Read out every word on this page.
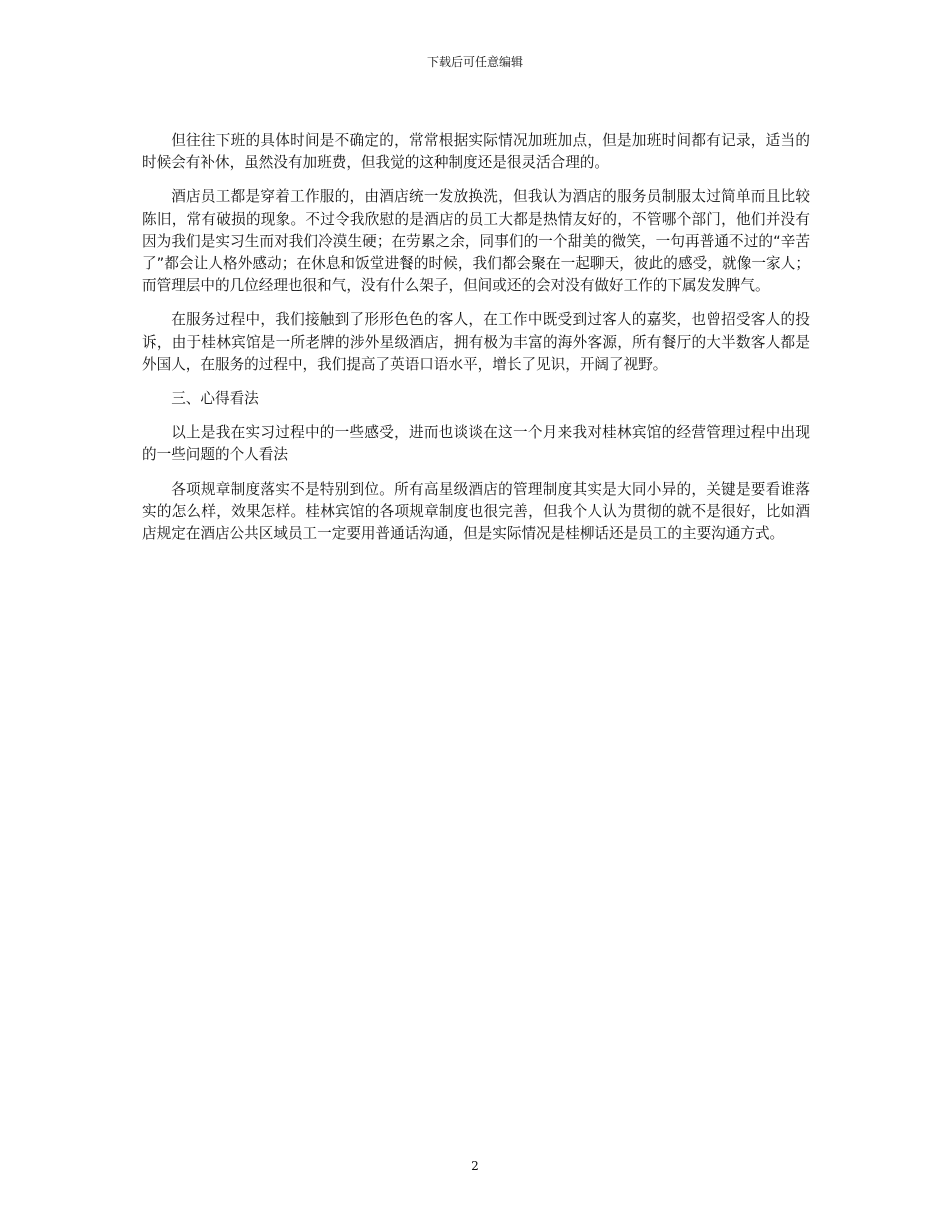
下载后可任意编辑

但往往下班的具体时间是不确定的，常常根据实际情况加班加点，但是加班时间都有记录，适当的时候会有补休，虽然没有加班费，但我觉的这种制度还是很灵活合理的。

酒店员工都是穿着工作服的，由酒店统一发放换洗，但我认为酒店的服务员制服太过简单而且比较陈旧，常有破损的现象。不过令我欣慰的是酒店的员工大都是热情友好的，不管哪个部门，他们并没有因为我们是实习生而对我们冷漠生硬；在劳累之余，同事们的一个甜美的微笑，一句再普通不过的“辛苦了”都会让人格外感动；在休息和饭堂进餐的时候，我们都会聚在一起聊天，彼此的感受，就像一家人；而管理层中的几位经理也很和气，没有什么架子，但间或还的会对没有做好工作的下属发发脾气。

在服务过程中，我们接触到了形形色色的客人，在工作中既受到过客人的嘉奖，也曾招受客人的投诉，由于桂林宾馆是一所老牌的涉外星级酒店，拥有极为丰富的海外客源，所有餐厅的大半数客人都是外国人，在服务的过程中，我们提高了英语口语水平，增长了见识，开阔了视野。

三、心得看法

以上是我在实习过程中的一些感受，进而也谈谈在这一个月来我对桂林宾馆的经营管理过程中出现的一些问题的个人看法

各项规章制度落实不是特别到位。所有高星级酒店的管理制度其实是大同小异的，关键是要看谁落实的怎么样，效果怎样。桂林宾馆的各项规章制度也很完善，但我个人认为贯彻的就不是很好，比如酒店规定在酒店公共区域员工一定要用普通话沟通，但是实际情况是桂柳话还是员工的主要沟通方式。

2
